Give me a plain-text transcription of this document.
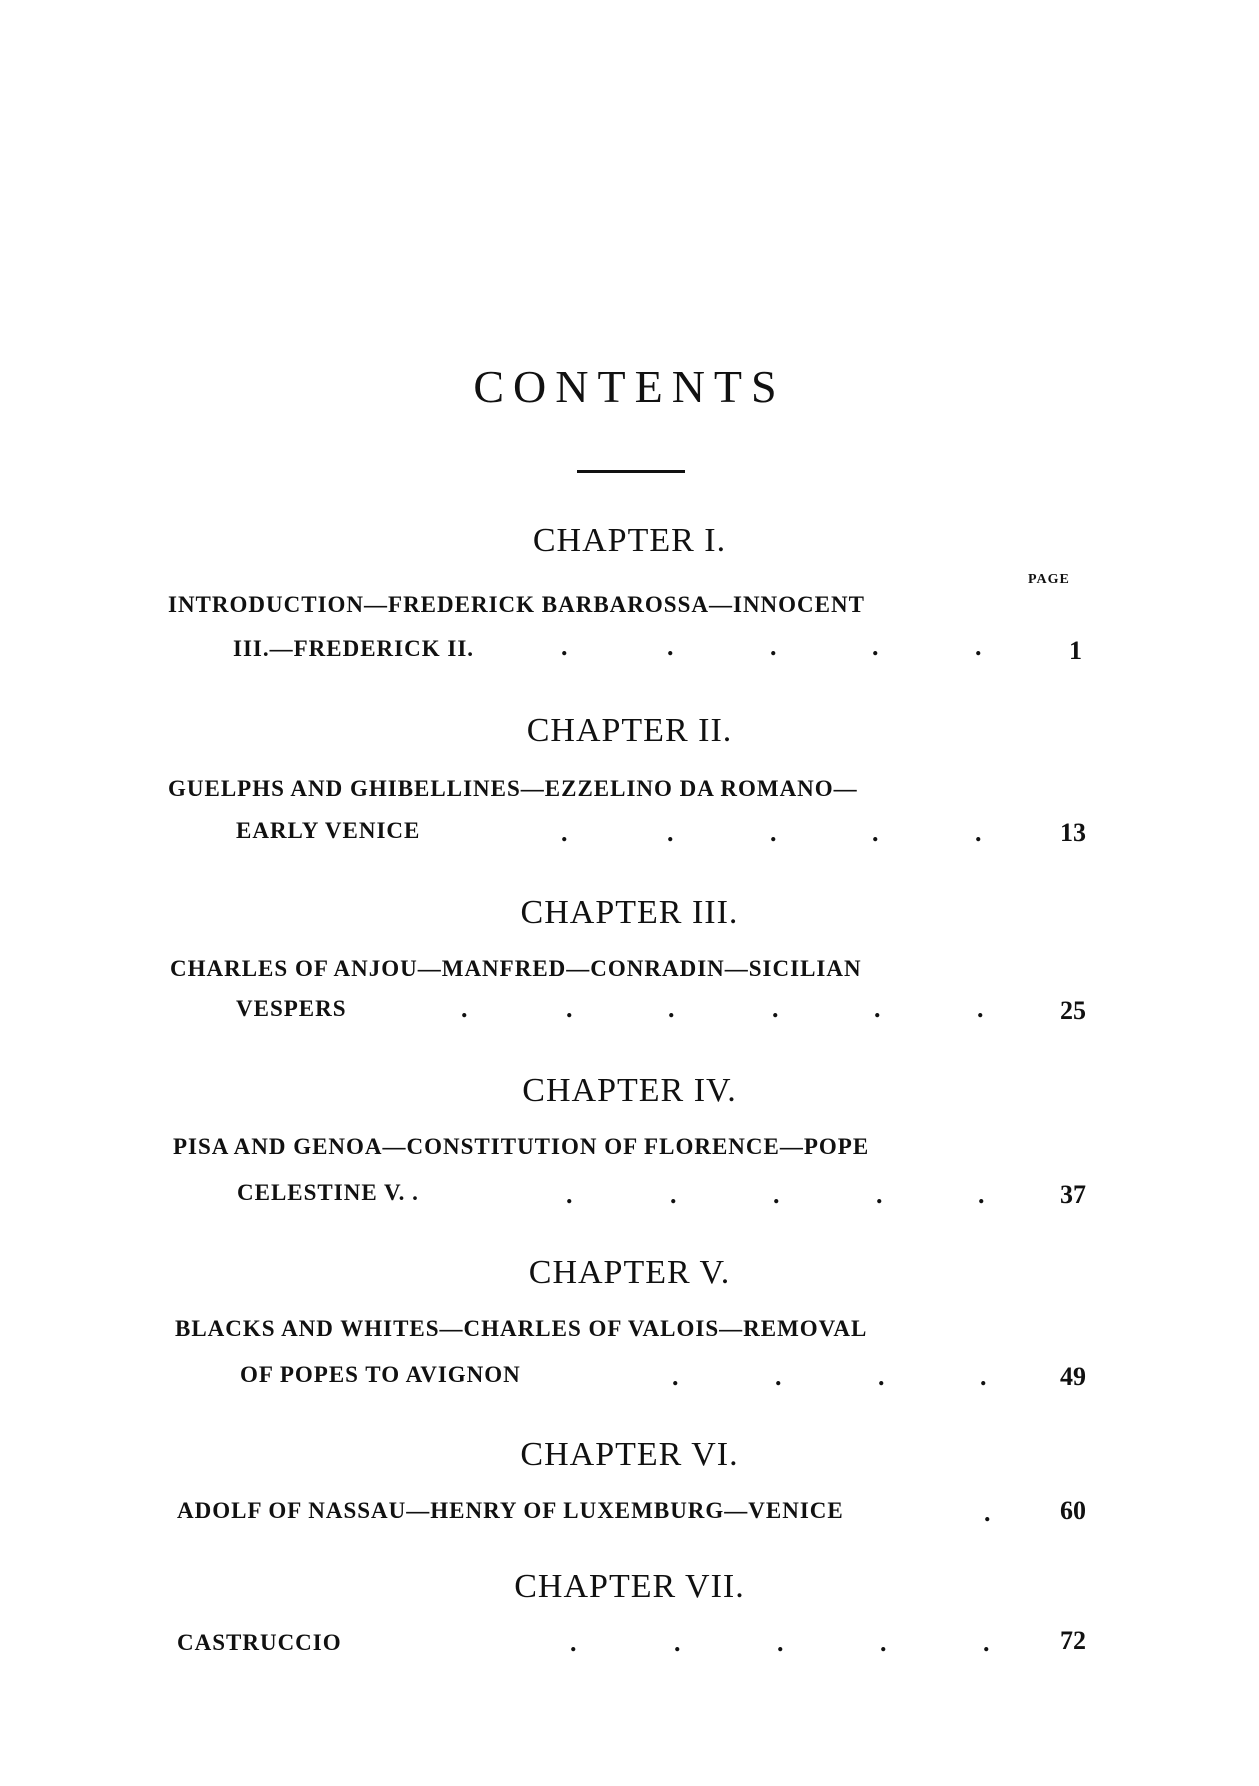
CONTENTS
PAGE
CHAPTER I.
INTRODUCTION—FREDERICK BARBAROSSA—INNOCENT
III.—FREDERICK II.	.	.	.	.	.	1
CHAPTER II.
GUELPHS AND GHIBELLINES—EZZELINO DA ROMANO—
EARLY VENICE	.	.	.	.	.	13
CHAPTER III.
CHARLES OF ANJOU—MANFRED—CONRADIN—SICILIAN
VESPERS	.	.	.	.	.	.	25
CHAPTER IV.
PISA AND GENOA—CONSTITUTION OF FLORENCE—POPE
CELESTINE V. .	.	.	.	.	.	37
CHAPTER V.
BLACKS AND WHITES—CHARLES OF VALOIS—REMOVAL
OF POPES TO AVIGNON	.	.	.	.	49
CHAPTER VI.
ADOLF OF NASSAU—HENRY OF LUXEMBURG—VENICE	.	60
CHAPTER VII.
CASTRUCCIO	.	.	.	.	.	72
